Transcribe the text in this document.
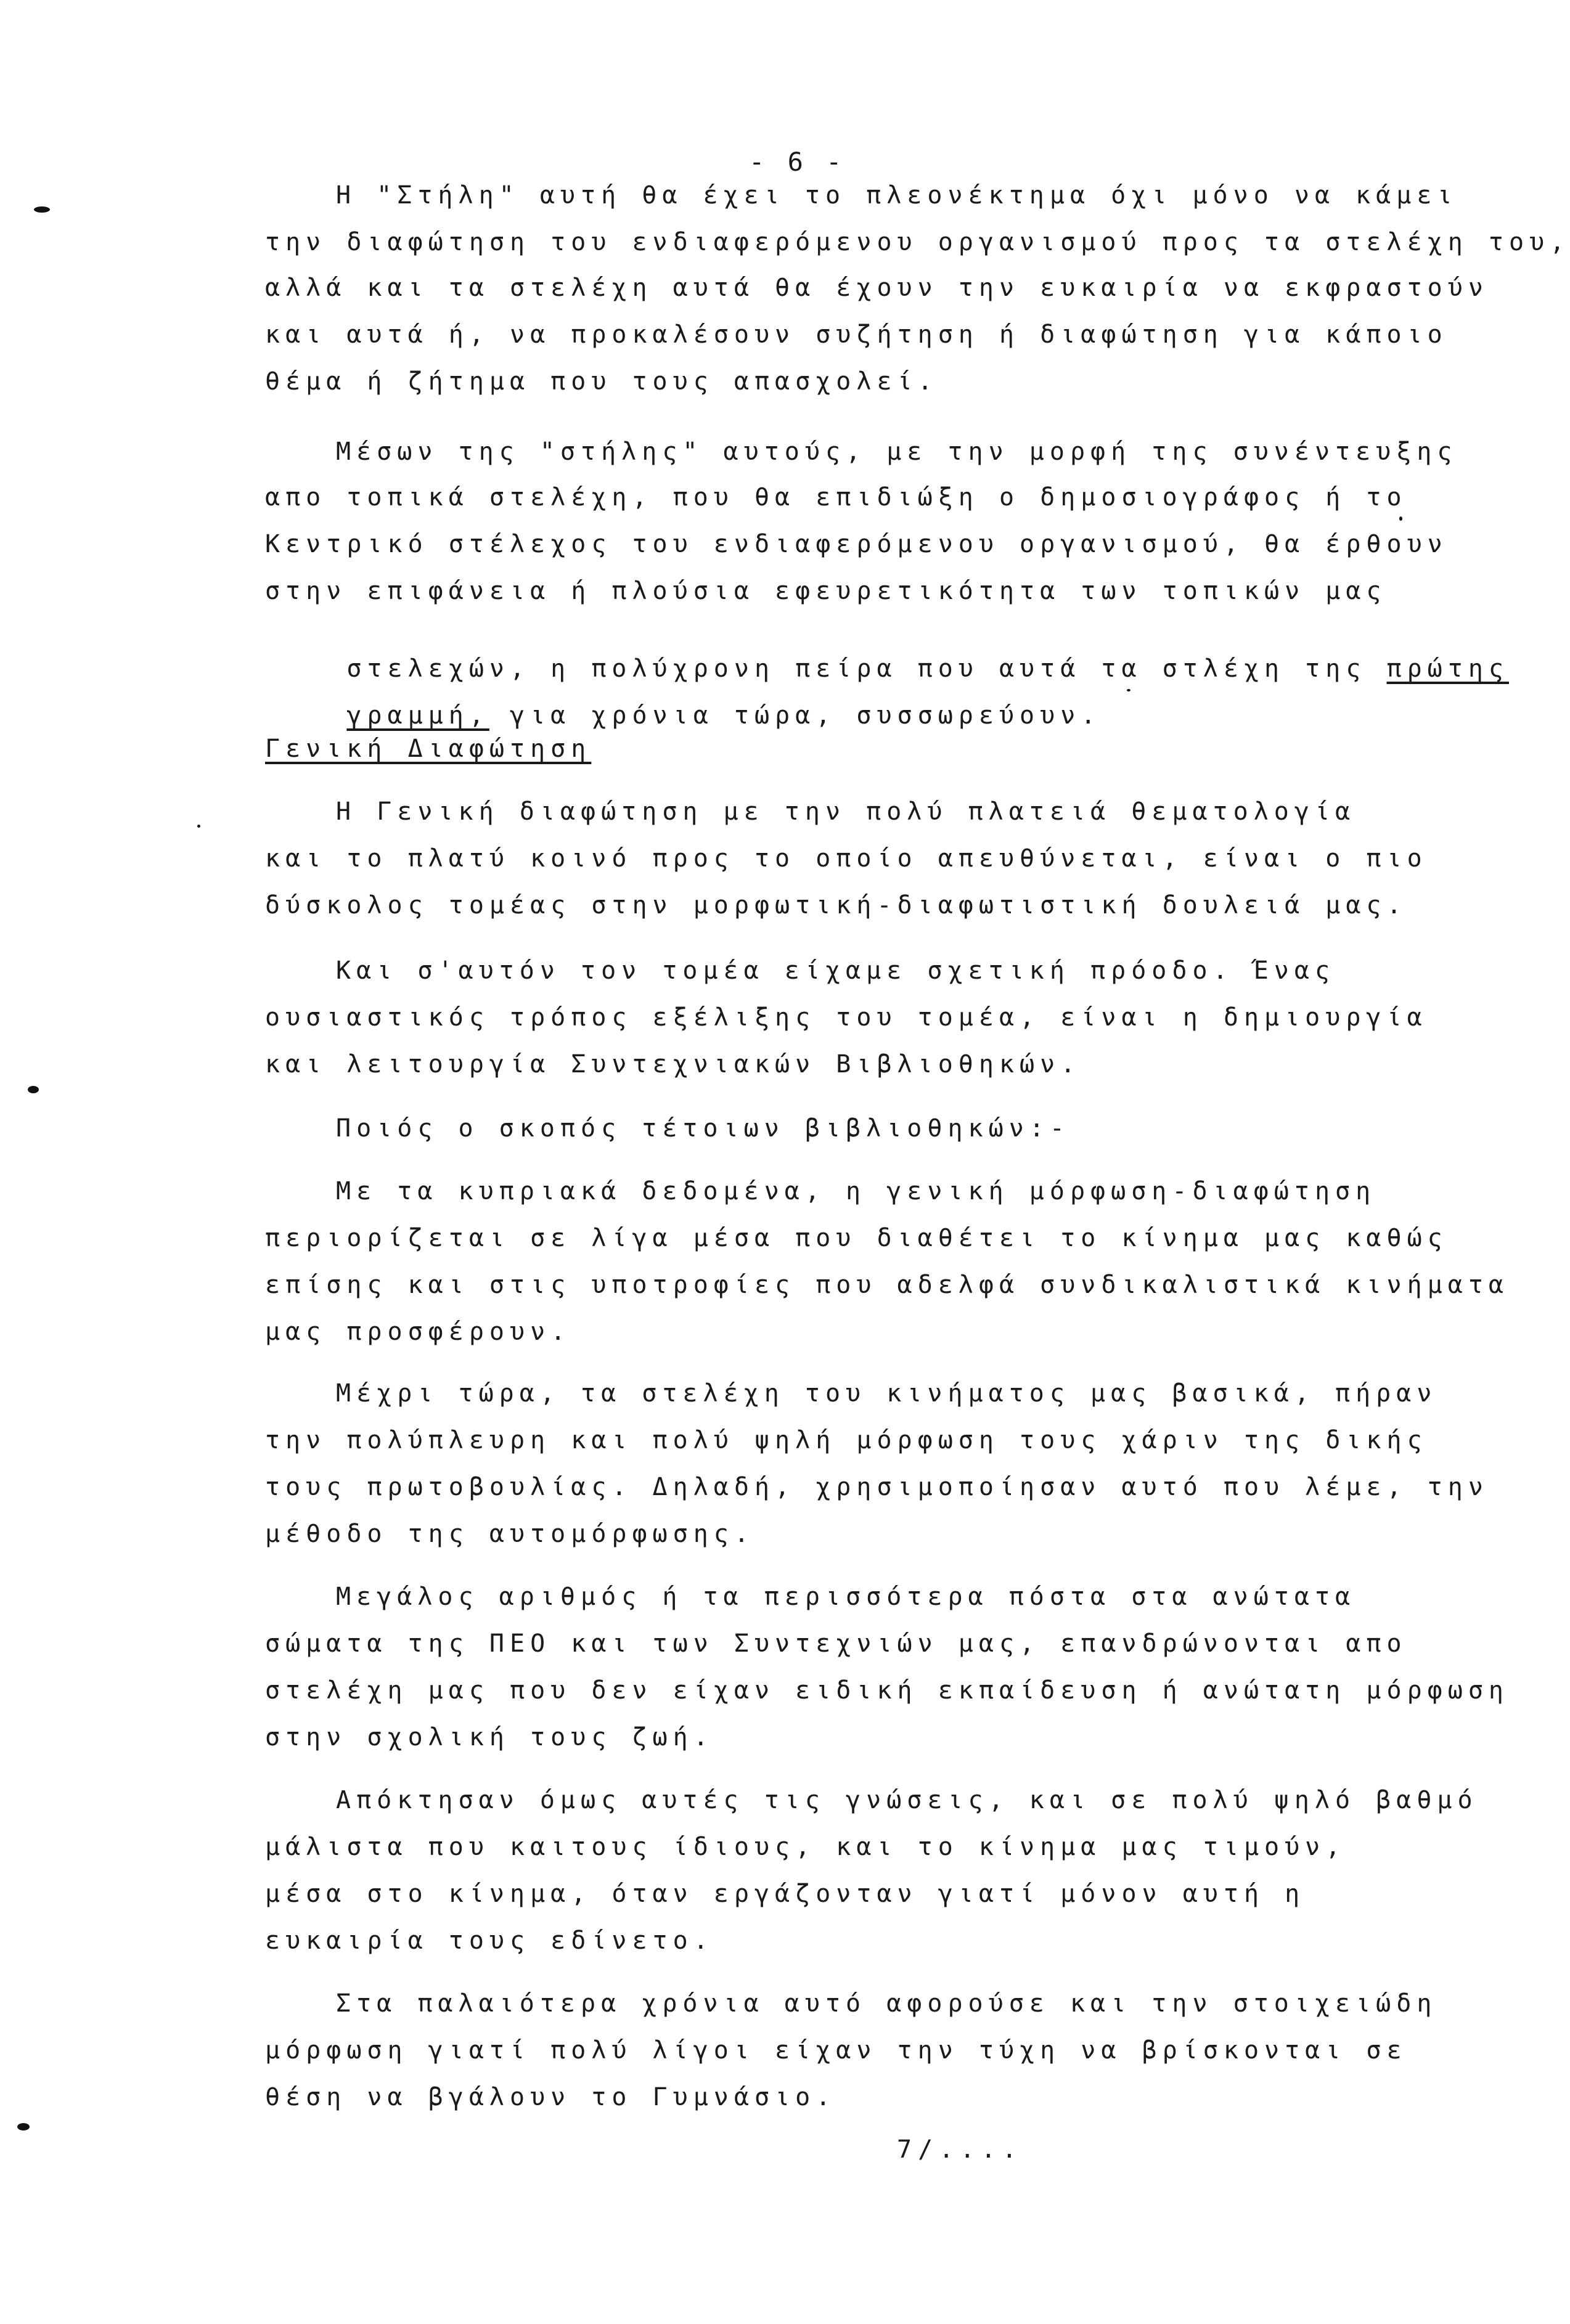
- 6 -
Η "Στήλη" αυτή θα έχει το πλεονέκτημα όχι μόνο να κάμει
την διαφώτηση του ενδιαφερόμενου οργανισμού προς τα στελέχη του,
αλλά και τα στελέχη αυτά θα έχουν την ευκαιρία να εκφραστούν
και αυτά ή, να προκαλέσουν συζήτηση ή διαφώτηση για κάποιο
θέμα ή ζήτημα που τους απασχολεί.
Μέσων της "στήλης" αυτούς, με την μορφή της συνέντευξης
απο τοπικά στελέχη, που θα επιδιώξη ο δημοσιογράφος ή το
Κεντρικό στέλεχος του ενδιαφερόμενου οργανισμού, θα έρθουν
στην επιφάνεια ή πλούσια εφευρετικότητα των τοπικών μας

στελεχών, η πολύχρονη πείρα που αυτά τα στλέχη της πρώτης

γραμμή, για χρόνια τώρα, συσσωρεύουν.

Γενική Διαφώτηση
Η Γενική διαφώτηση με την πολύ πλατειά θεματολογία
και το πλατύ κοινό προς το οποίο απευθύνεται, είναι ο πιο
δύσκολος τομέας στην μορφωτική-διαφωτιστική δουλειά μας.
Και σ'αυτόν τον τομέα είχαμε σχετική πρόοδο. Ένας
ουσιαστικός τρόπος εξέλιξης του τομέα, είναι η δημιουργία
και λειτουργία Συντεχνιακών Βιβλιοθηκών.
Ποιός ο σκοπός τέτοιων βιβλιοθηκών:-
Με τα κυπριακά δεδομένα, η γενική μόρφωση-διαφώτηση
περιορίζεται σε λίγα μέσα που διαθέτει το κίνημα μας καθώς
επίσης και στις υποτροφίες που αδελφά συνδικαλιστικά κινήματα
μας προσφέρουν.
Μέχρι τώρα, τα στελέχη του κινήματος μας βασικά, πήραν
την πολύπλευρη και πολύ ψηλή μόρφωση τους χάριν της δικής
τους πρωτοβουλίας. Δηλαδή, χρησιμοποίησαν αυτό που λέμε, την
μέθοδο της αυτομόρφωσης.
Μεγάλος αριθμός ή τα περισσότερα πόστα στα ανώτατα
σώματα της ΠΕΟ και των Συντεχνιών μας, επανδρώνονται απο
στελέχη μας που δεν είχαν ειδική εκπαίδευση ή ανώτατη μόρφωση
στην σχολική τους ζωή.
Απόκτησαν όμως αυτές τις γνώσεις, και σε πολύ ψηλό βαθμό
μάλιστα που καιτους ίδιους, και το κίνημα μας τιμούν,
μέσα στο κίνημα, όταν εργάζονταν γιατί μόνον αυτή η
ευκαιρία τους εδίνετο.
Στα παλαιότερα χρόνια αυτό αφορούσε και την στοιχειώδη
μόρφωση γιατί πολύ λίγοι είχαν την τύχη να βρίσκονται σε
θέση να βγάλουν το Γυμνάσιο.
7/....
